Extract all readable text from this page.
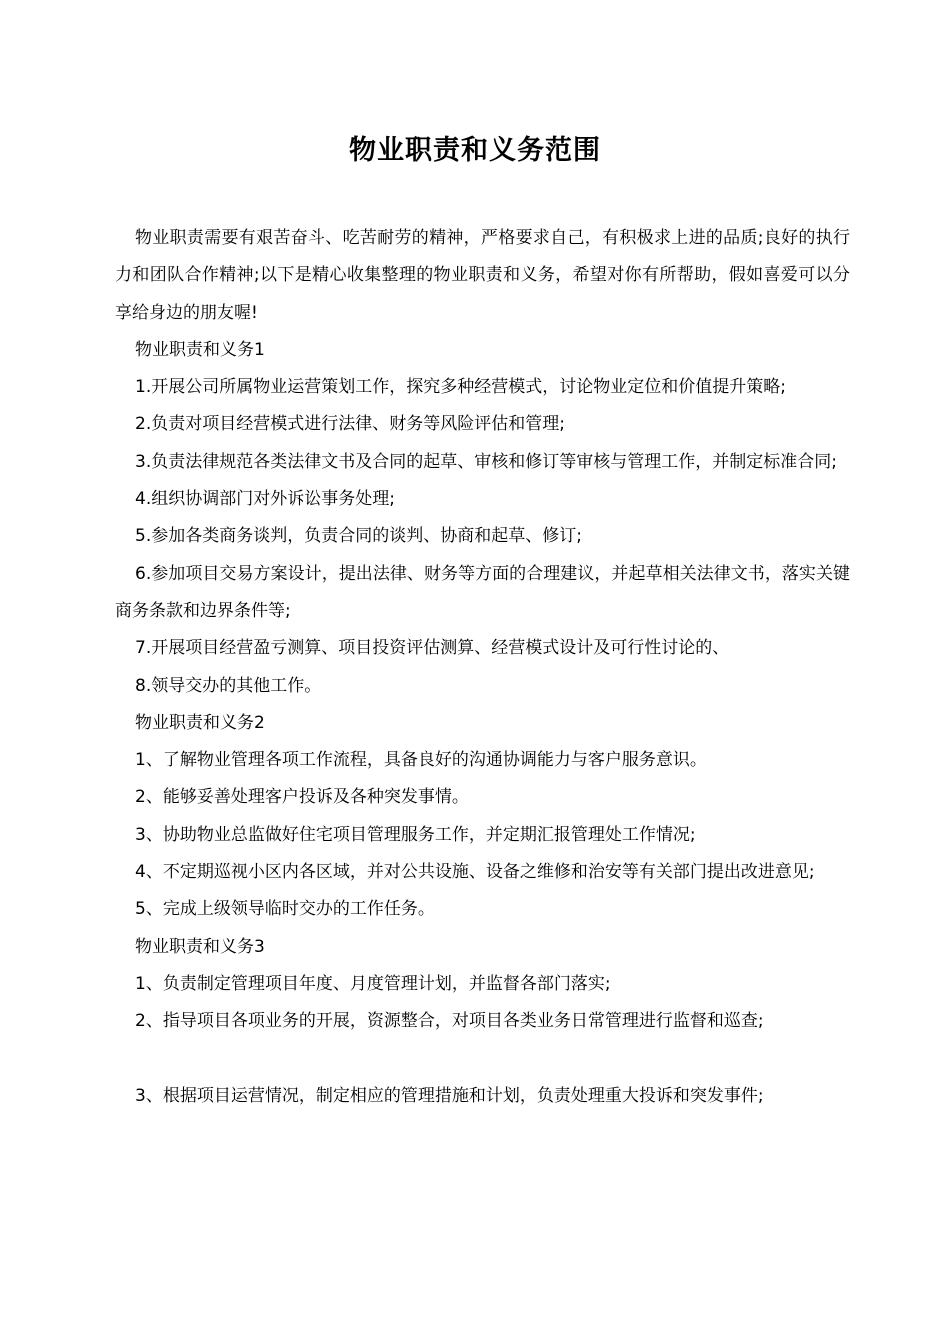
物业职责和义务范围

物业职责需要有艰苦奋斗、吃苦耐劳的精神，严格要求自己，有积极求上进的品质;良好的执行力和团队合作精神;以下是精心收集整理的物业职责和义务，希望对你有所帮助，假如喜爱可以分享给身边的朋友喔!

物业职责和义务1

1.开展公司所属物业运营策划工作，探究多种经营模式，讨论物业定位和价值提升策略;

2.负责对项目经营模式进行法律、财务等风险评估和管理;

3.负责法律规范各类法律文书及合同的起草、审核和修订等审核与管理工作，并制定标准合同;

4.组织协调部门对外诉讼事务处理;

5.参加各类商务谈判，负责合同的谈判、协商和起草、修订;

6.参加项目交易方案设计，提出法律、财务等方面的合理建议，并起草相关法律文书，落实关键商务条款和边界条件等;

7.开展项目经营盈亏测算、项目投资评估测算、经营模式设计及可行性讨论的、

8.领导交办的其他工作。

物业职责和义务2

1、了解物业管理各项工作流程，具备良好的沟通协调能力与客户服务意识。

2、能够妥善处理客户投诉及各种突发事情。

3、协助物业总监做好住宅项目管理服务工作，并定期汇报管理处工作情况;

4、不定期巡视小区内各区域，并对公共设施、设备之维修和治安等有关部门提出改进意见;

5、完成上级领导临时交办的工作任务。

物业职责和义务3

1、负责制定管理项目年度、月度管理计划，并监督各部门落实;

2、指导项目各项业务的开展，资源整合，对项目各类业务日常管理进行监督和巡查;

3、根据项目运营情况，制定相应的管理措施和计划，负责处理重大投诉和突发事件;
